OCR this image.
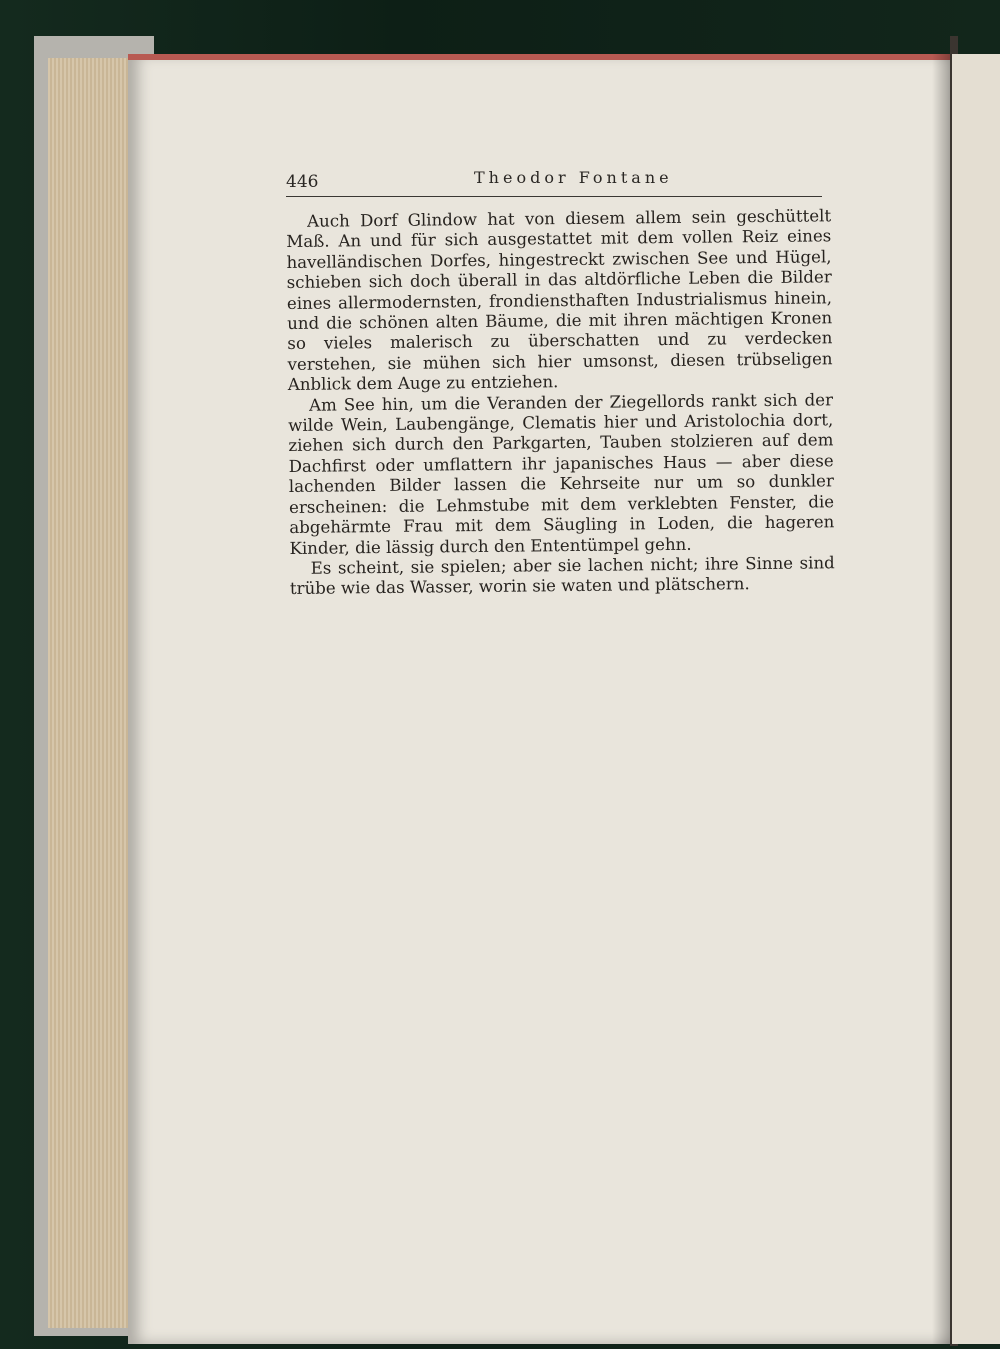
446	Theodor Fontane

Auch Dorf Glindow hat von diesem allem sein geschüttelt Maß. An und für sich ausgestattet mit dem vollen Reiz eines havelländischen Dorfes, hingestreckt zwischen See und Hügel, schieben sich doch überall in das altdörfliche Leben die Bilder eines allermodernsten, frondiensthaften Industrialismus hinein, und die schönen alten Bäume, die mit ihren mächtigen Kronen so vieles malerisch zu überschatten und zu verdecken verstehen, sie mühen sich hier umsonst, diesen trübseligen Anblick dem Auge zu entziehen.

Am See hin, um die Veranden der Ziegellords rankt sich der wilde Wein, Laubengänge, Clematis hier und Aristolochia dort, ziehen sich durch den Parkgarten, Tauben stolzieren auf dem Dachfirst oder umflattern ihr japanisches Haus — aber diese lachenden Bilder lassen die Kehrseite nur um so dunkler erscheinen: die Lehmstube mit dem verklebten Fenster, die abgehärmte Frau mit dem Säugling in Loden, die hageren Kinder, die lässig durch den Ententümpel gehn.

Es scheint, sie spielen; aber sie lachen nicht; ihre Sinne sind trübe wie das Wasser, worin sie waten und plätschern.
